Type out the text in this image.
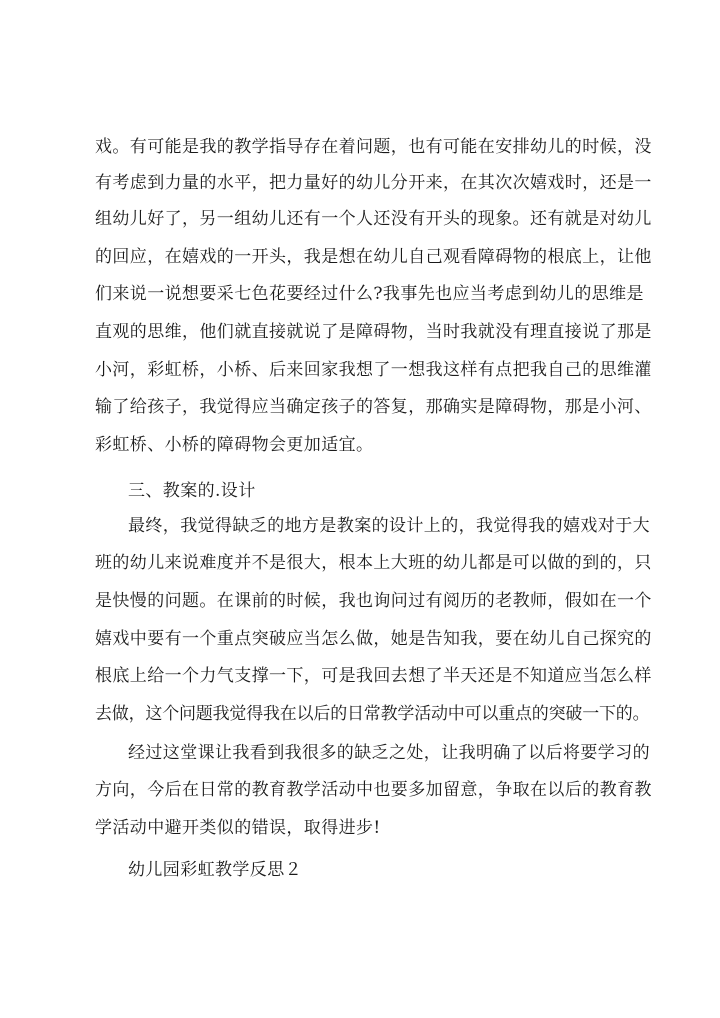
戏。有可能是我的教学指导存在着问题，也有可能在安排幼儿的时候，没
有考虑到力量的水平，把力量好的幼儿分开来，在其次次嬉戏时，还是一
组幼儿好了，另一组幼儿还有一个人还没有开头的现象。还有就是对幼儿
的回应，在嬉戏的一开头，我是想在幼儿自己观看障碍物的根底上，让他
们来说一说想要采七色花要经过什么?我事先也应当考虑到幼儿的思维是
直观的思维，他们就直接就说了是障碍物，当时我就没有理直接说了那是
小河，彩虹桥，小桥、后来回家我想了一想我这样有点把我自己的思维灌
输了给孩子，我觉得应当确定孩子的答复，那确实是障碍物，那是小河、
彩虹桥、小桥的障碍物会更加适宜。
三、教案的.设计
最终，我觉得缺乏的地方是教案的设计上的，我觉得我的嬉戏对于大
班的幼儿来说难度并不是很大，根本上大班的幼儿都是可以做的到的，只
是快慢的问题。在课前的时候，我也询问过有阅历的老教师，假如在一个
嬉戏中要有一个重点突破应当怎么做，她是告知我，要在幼儿自己探究的
根底上给一个力气支撑一下，可是我回去想了半天还是不知道应当怎么样
去做，这个问题我觉得我在以后的日常教学活动中可以重点的突破一下的。
经过这堂课让我看到我很多的缺乏之处，让我明确了以后将要学习的
方向，今后在日常的教育教学活动中也要多加留意，争取在以后的教育教
学活动中避开类似的错误，取得进步!
幼儿园彩虹教学反思２
